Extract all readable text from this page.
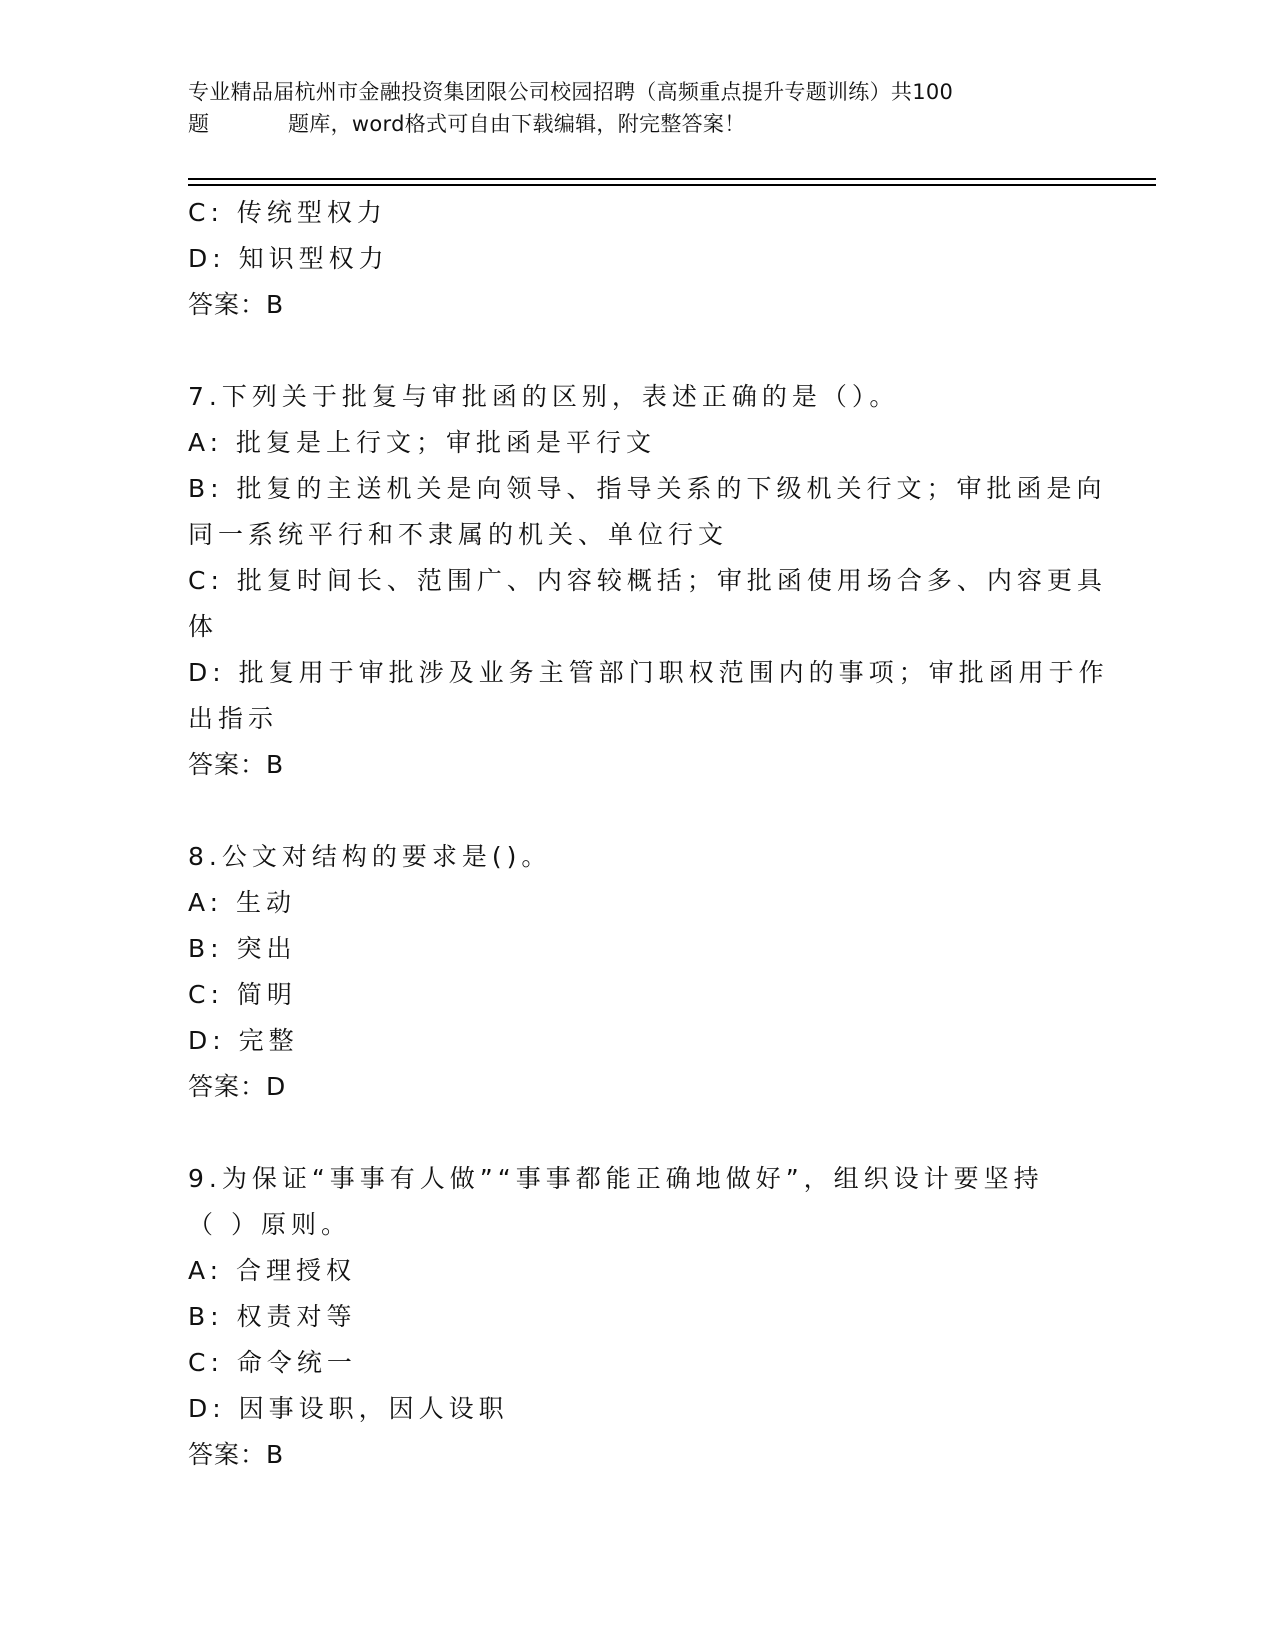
专业精品届杭州市金融投资集团限公司校园招聘（高频重点提升专题训练）共100
题	题库，word格式可自由下载编辑，附完整答案！
C: 传统型权力
D: 知识型权力
答案：B
7.下列关于批复与审批函的区别，表述正确的是（）。
A: 批复是上行文；审批函是平行文
B: 批复的主送机关是向领导、指导关系的下级机关行文；审批函是向
同一系统平行和不隶属的机关、单位行文
C: 批复时间长、范围广、内容较概括；审批函使用场合多、内容更具
体
D: 批复用于审批涉及业务主管部门职权范围内的事项；审批函用于作
出指示
答案：B
8.公文对结构的要求是()。
A: 生动
B: 突出
C: 简明
D: 完整
答案：D
9.为保证“事事有人做”“事事都能正确地做好”，组织设计要坚持
（ ）原则。
A: 合理授权
B: 权责对等
C: 命令统一
D: 因事设职，因人设职
答案：B
